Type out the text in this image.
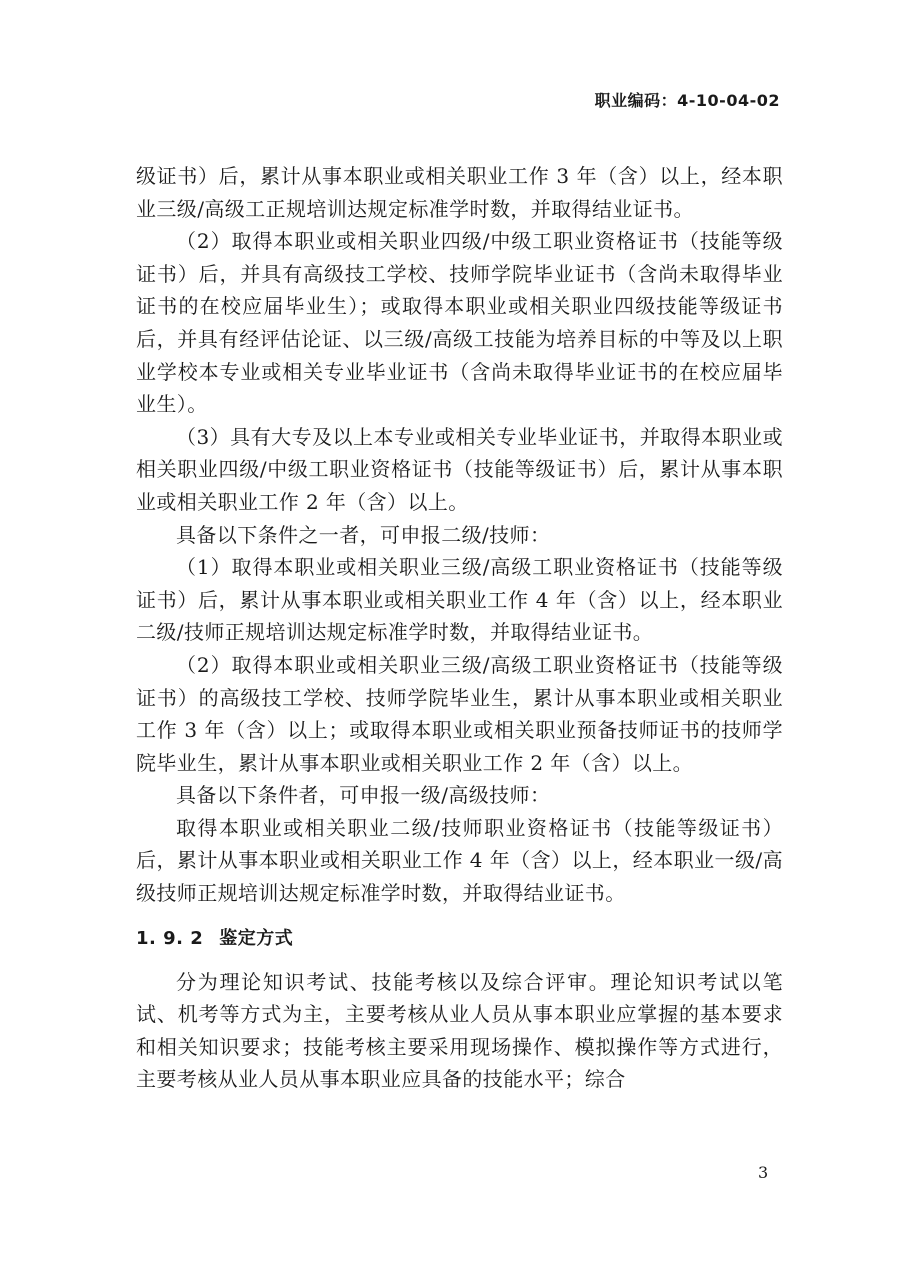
职业编码：4-10-04-02

级证书）后，累计从事本职业或相关职业工作 3 年（含）以上，经本职业三级/高级工正规培训达规定标准学时数，并取得结业证书。

（2）取得本职业或相关职业四级/中级工职业资格证书（技能等级证书）后，并具有高级技工学校、技师学院毕业证书（含尚未取得毕业证书的在校应届毕业生）；或取得本职业或相关职业四级技能等级证书后，并具有经评估论证、以三级/高级工技能为培养目标的中等及以上职业学校本专业或相关专业毕业证书（含尚未取得毕业证书的在校应届毕业生）。

（3）具有大专及以上本专业或相关专业毕业证书，并取得本职业或相关职业四级/中级工职业资格证书（技能等级证书）后，累计从事本职业或相关职业工作 2 年（含）以上。

具备以下条件之一者，可申报二级/技师：

（1）取得本职业或相关职业三级/高级工职业资格证书（技能等级证书）后，累计从事本职业或相关职业工作 4 年（含）以上，经本职业二级/技师正规培训达规定标准学时数，并取得结业证书。

（2）取得本职业或相关职业三级/高级工职业资格证书（技能等级证书）的高级技工学校、技师学院毕业生，累计从事本职业或相关职业工作 3 年（含）以上；或取得本职业或相关职业预备技师证书的技师学院毕业生，累计从事本职业或相关职业工作 2 年（含）以上。

具备以下条件者，可申报一级/高级技师：

取得本职业或相关职业二级/技师职业资格证书（技能等级证书）后，累计从事本职业或相关职业工作 4 年（含）以上，经本职业一级/高级技师正规培训达规定标准学时数，并取得结业证书。

1. 9. 2 鉴定方式

分为理论知识考试、技能考核以及综合评审。理论知识考试以笔试、机考等方式为主，主要考核从业人员从事本职业应掌握的基本要求和相关知识要求；技能考核主要采用现场操作、模拟操作等方式进行，主要考核从业人员从事本职业应具备的技能水平；综合

3
